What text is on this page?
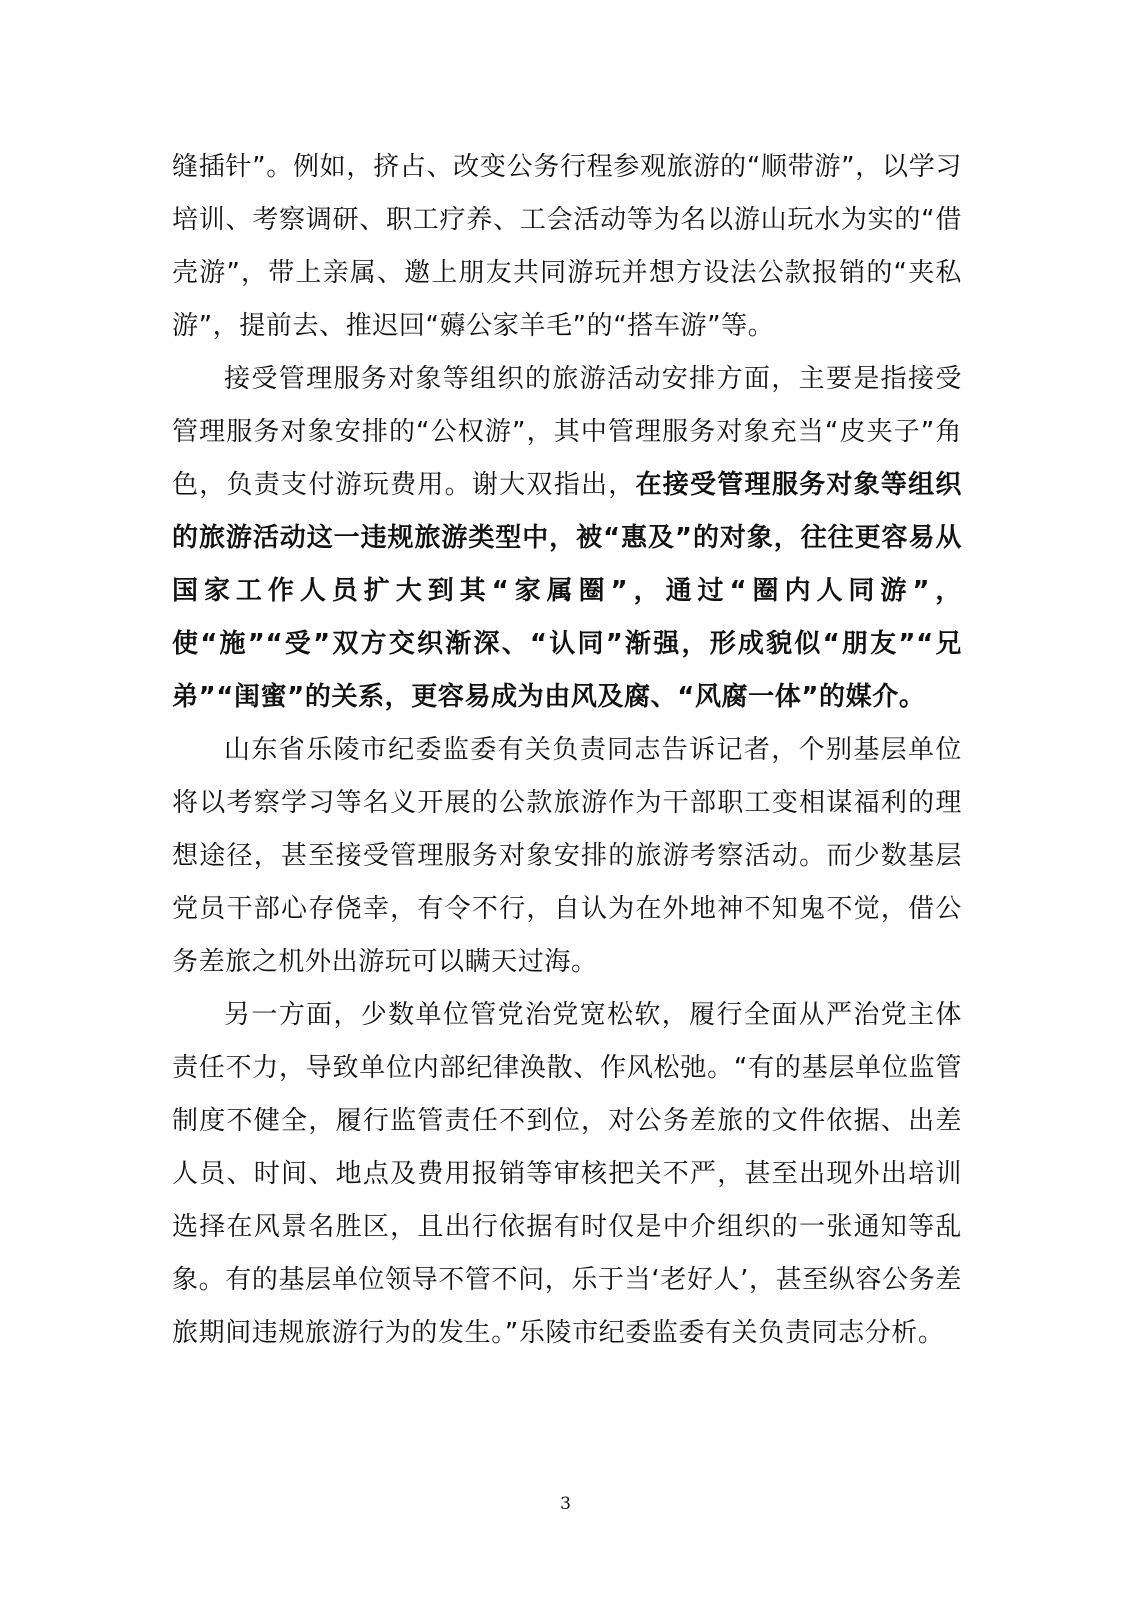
缝插针”。例如，挤占、改变公务行程参观旅游的“顺带游”，以学习培训、考察调研、职工疗养、工会活动等为名以游山玩水为实的“借壳游”，带上亲属、邀上朋友共同游玩并想方设法公款报销的“夹私游”，提前去、推迟回“薅公家羊毛”的“搭车游”等。

接受管理服务对象等组织的旅游活动安排方面，主要是指接受管理服务对象安排的“公权游”，其中管理服务对象充当“皮夹子”角色，负责支付游玩费用。谢大双指出，在接受管理服务对象等组织的旅游活动这一违规旅游类型中，被“惠及”的对象，往往更容易从国家工作人员扩大到其“家属圈”，通过“圈内人同游”，使“施”“受”双方交织渐深、“认同”渐强，形成貌似“朋友”“兄弟”“闺蜜”的关系，更容易成为由风及腐、“风腐一体”的媒介。

山东省乐陵市纪委监委有关负责同志告诉记者，个别基层单位将以考察学习等名义开展的公款旅游作为干部职工变相谋福利的理想途径，甚至接受管理服务对象安排的旅游考察活动。而少数基层党员干部心存侥幸，有令不行，自认为在外地神不知鬼不觉，借公务差旅之机外出游玩可以瞒天过海。

另一方面，少数单位管党治党宽松软，履行全面从严治党主体责任不力，导致单位内部纪律涣散、作风松弛。“有的基层单位监管制度不健全，履行监管责任不到位，对公务差旅的文件依据、出差人员、时间、地点及费用报销等审核把关不严，甚至出现外出培训选择在风景名胜区，且出行依据有时仅是中介组织的一张通知等乱象。有的基层单位领导不管不问，乐于当‘老好人’，甚至纵容公务差旅期间违规旅游行为的发生。”乐陵市纪委监委有关负责同志分析。

3
